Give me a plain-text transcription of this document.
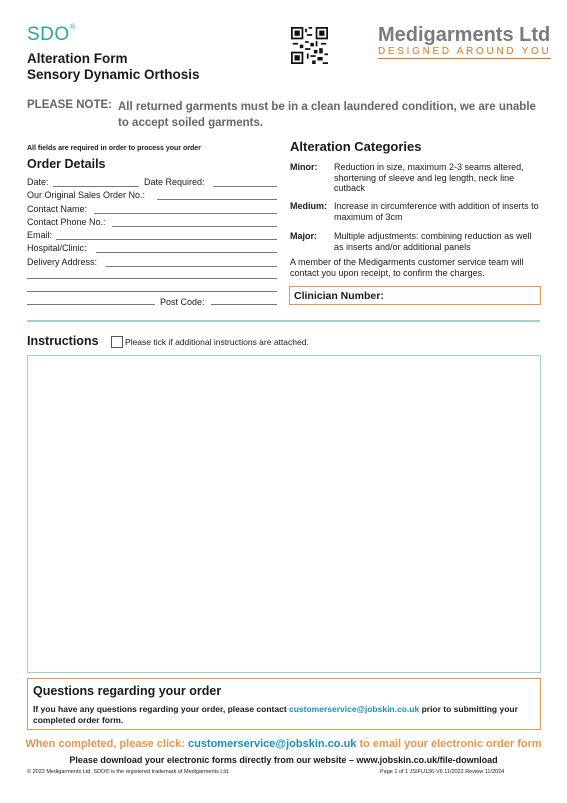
SDO®
Alteration Form
Sensory Dynamic Orthosis
Medigarments Ltd
DESIGNED AROUND YOU
PLEASE NOTE: All returned garments must be in a clean laundered condition, we are unable to accept soiled garments.
All fields are required in order to process your order
Order Details
Date:	Date Required:
Our Original Sales Order No.:
Contact Name:
Contact Phone No.:
Email:
Hospital/Clinic:
Delivery Address:
Post Code:
Alteration Categories
Minor: Reduction in size, maximum 2-3 seams altered, shortening of sleeve and leg length, neck line cutback
Medium: Increase in circumference with addition of inserts to maximum of 3cm
Major: Multiple adjustments: combining reduction as well as inserts and/or additional panels
A member of the Medigarments customer service team will contact you upon receipt, to confirm the charges.
Clinician Number:
Instructions	Please tick if additional instructions are attached.
Questions regarding your order
If you have any questions regarding your order, please contact customerservice@jobskin.co.uk prior to submitting your completed order form.
When completed, please click: customerservice@jobskin.co.uk to email your electronic order form
Please download your electronic forms directly from our website – www.jobskin.co.uk/file-download
© 2022 Medigarments Ltd. SDO® is the registered trademark of Medigarments Ltd.	Page 1 of 1 JSIFU136-V6 11/2022 Review 11/2024
